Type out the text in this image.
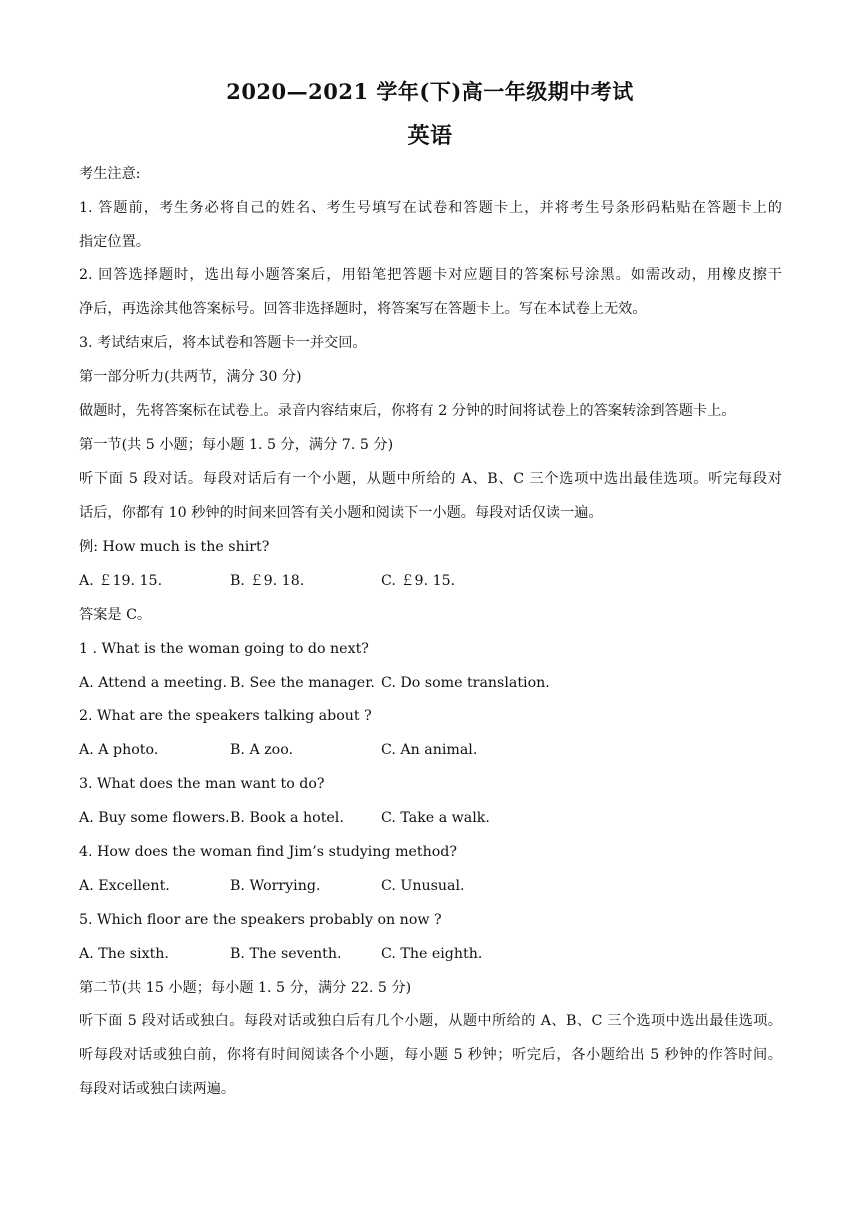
2020—2021 学年(下)高一年级期中考试
英语
考生注意:
1. 答题前，考生务必将自己的姓名、考生号填写在试卷和答题卡上，并将考生号条形码粘贴在答题卡上的
指定位置。
2. 回答选择题时，选出每小题答案后，用铅笔把答题卡对应题目的答案标号涂黑。如需改动，用橡皮擦干
净后，再选涂其他答案标号。回答非选择题时，将答案写在答题卡上。写在本试卷上无效。
3. 考试结束后，将本试卷和答题卡一并交回。
第一部分听力(共两节，满分 30 分)
做题时，先将答案标在试卷上。录音内容结束后，你将有 2 分钟的时间将试卷上的答案转涂到答题卡上。
第一节(共 5 小题；每小题 1. 5 分，满分 7. 5 分)
听下面 5 段对话。每段对话后有一个小题，从题中所给的 A、B、C 三个选项中选出最佳选项。听完每段对
话后，你都有 10 秒钟的时间来回答有关小题和阅读下一小题。每段对话仅读一遍。
例: How much is the shirt?
A. ￡19. 15.	B. ￡9. 18.	C. ￡9. 15.
答案是 C。
1 . What is the woman going to do next?
A. Attend a meeting. B. See the manager. C. Do some translation.
2. What are the speakers talking about ?
A. A photo.	B. A zoo.	C. An animal.
3. What does the man want to do?
A. Buy some flowers. B. Book a hotel.	C. Take a walk.
4. How does the woman find Jim’s studying method?
A. Excellent.	B. Worrying.	C. Unusual.
5. Which floor are the speakers probably on now ?
A. The sixth.	B. The seventh.	C. The eighth.
第二节(共 15 小题；每小题 1. 5 分，满分 22. 5 分)
听下面 5 段对话或独白。每段对话或独白后有几个小题，从题中所给的 A、B、C 三个选项中选出最佳选项。
听每段对话或独白前，你将有时间阅读各个小题，每小题 5 秒钟；听完后，各小题给出 5 秒钟的作答时间。
每段对话或独白读两遍。
